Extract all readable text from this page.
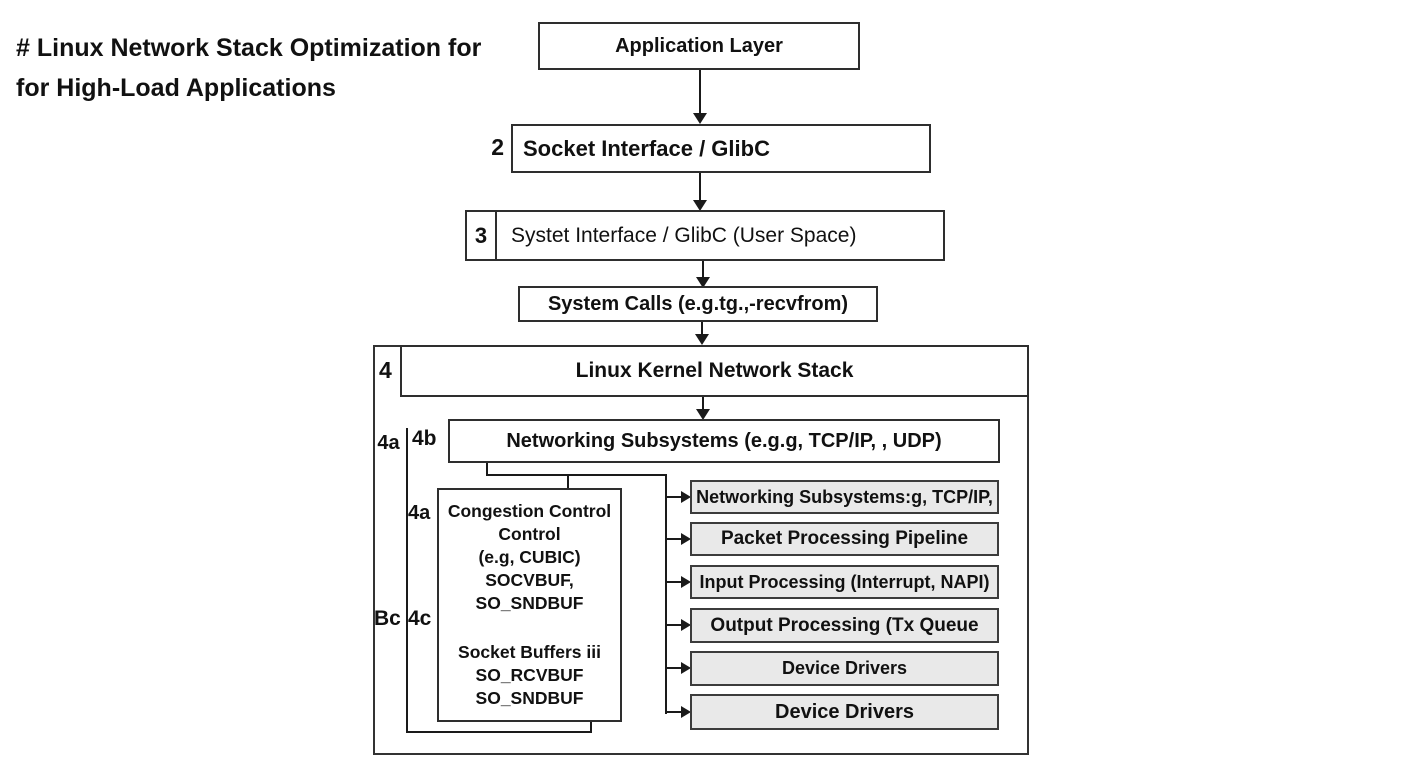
# Linux Network Stack Optimization for
for High-Load Applications
Application Layer
2 Socket Interface / GlibC
3	Systet Interface / GlibC (User Space)
System Calls (e.g.tg.,-recvfrom)
4	Linux Kernel Network Stack
4a 4b	Networking Subsystems (e.g.g, TCP/IP, , UDP)
4a
Bc 4c
Congestion Control
Control
(e.g, CUBIC)
SOCVBUF,
SO_SNDBUF
Socket Buffers iii
SO_RCVBUF
SO_SNDBUF
Networking Subsystems:g, TCP/IP,
Packet Processing Pipeline
Input Processing (Interrupt, NAPI)
Output Processing (Tx Queue
Device Drivers
Device Drivers
